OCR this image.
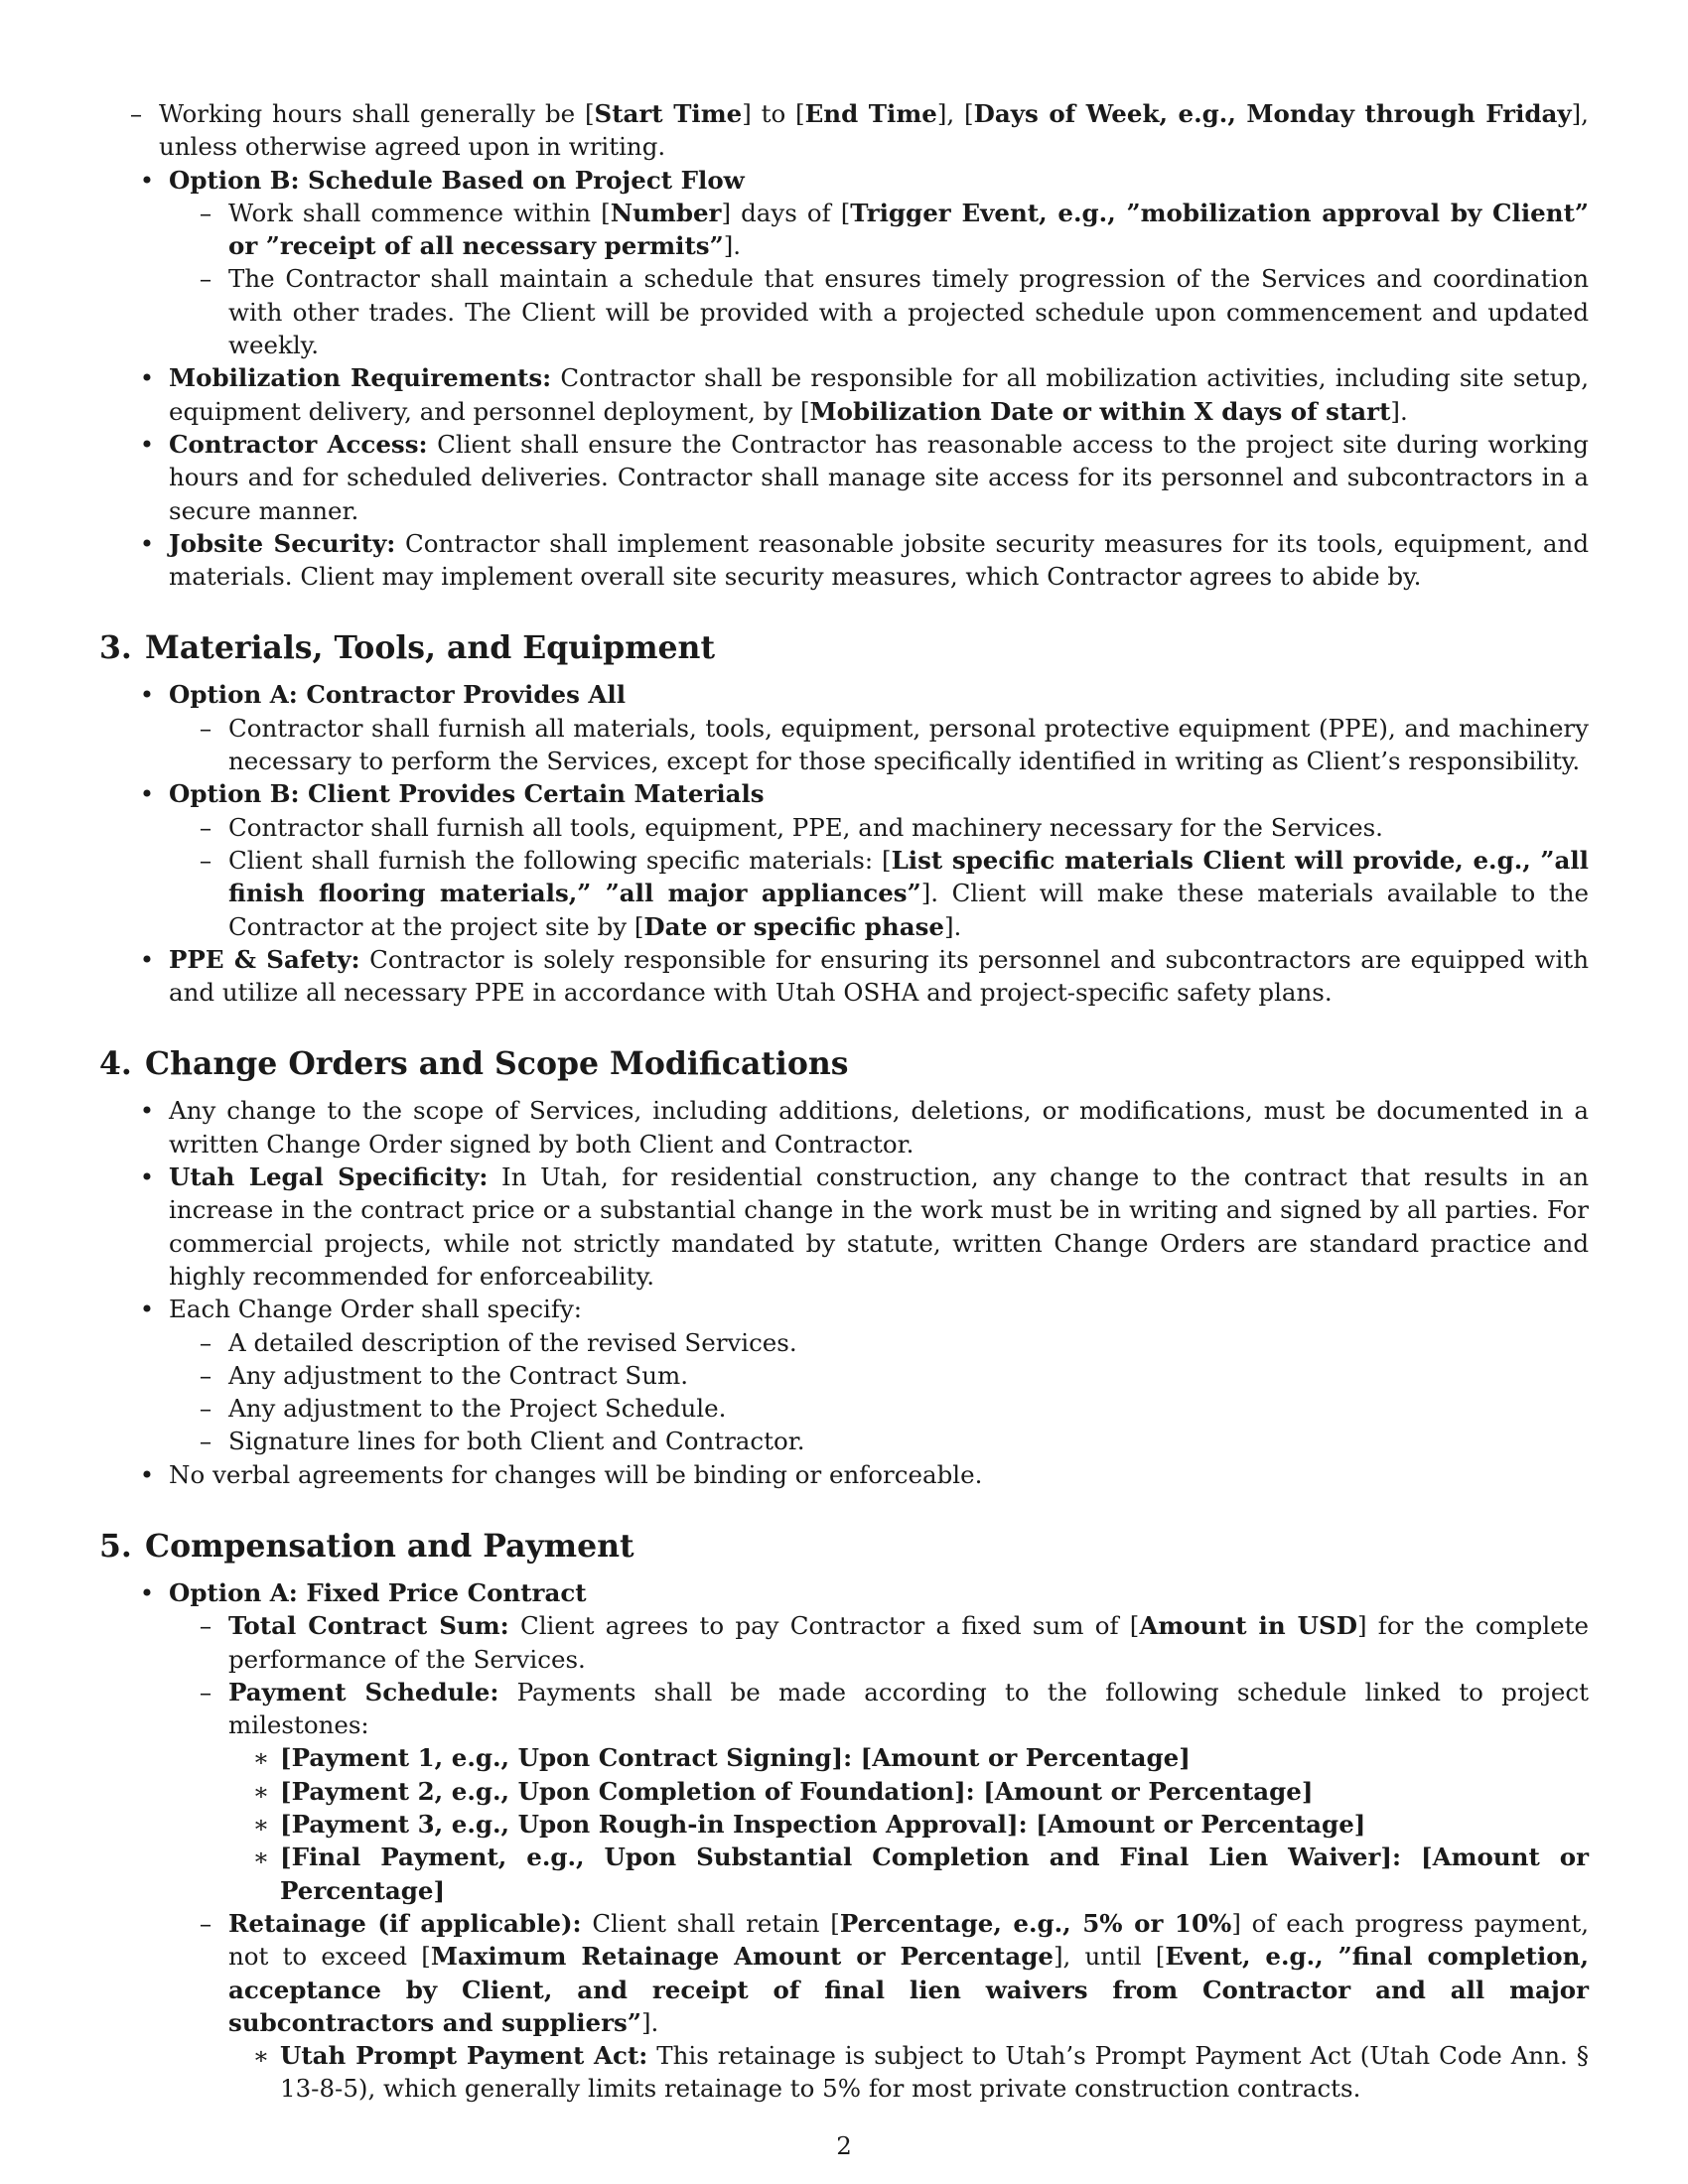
– Working hours shall generally be [Start Time] to [End Time], [Days of Week, e.g., Monday through Friday], unless otherwise agreed upon in writing.
• Option B: Schedule Based on Project Flow
– Work shall commence within [Number] days of [Trigger Event, e.g., ”mobilization approval by Client” or ”receipt of all necessary permits”].
– The Contractor shall maintain a schedule that ensures timely progression of the Services and coordination with other trades. The Client will be provided with a projected schedule upon commencement and updated weekly.
• Mobilization Requirements: Contractor shall be responsible for all mobilization activities, including site setup, equipment delivery, and personnel deployment, by [Mobilization Date or within X days of start].
• Contractor Access: Client shall ensure the Contractor has reasonable access to the project site during working hours and for scheduled deliveries. Contractor shall manage site access for its personnel and subcontractors in a secure manner.
• Jobsite Security: Contractor shall implement reasonable jobsite security measures for its tools, equipment, and materials. Client may implement overall site security measures, which Contractor agrees to abide by.
3. Materials, Tools, and Equipment
• Option A: Contractor Provides All
– Contractor shall furnish all materials, tools, equipment, personal protective equipment (PPE), and machinery necessary to perform the Services, except for those specifically identified in writing as Client’s responsibility.
• Option B: Client Provides Certain Materials
– Contractor shall furnish all tools, equipment, PPE, and machinery necessary for the Services.
– Client shall furnish the following specific materials: [List specific materials Client will provide, e.g., ”all finish flooring materials,” ”all major appliances”]. Client will make these materials available to the Contractor at the project site by [Date or specific phase].
• PPE & Safety: Contractor is solely responsible for ensuring its personnel and subcontractors are equipped with and utilize all necessary PPE in accordance with Utah OSHA and project-specific safety plans.
4. Change Orders and Scope Modifications
• Any change to the scope of Services, including additions, deletions, or modifications, must be documented in a written Change Order signed by both Client and Contractor.
• Utah Legal Specificity: In Utah, for residential construction, any change to the contract that results in an increase in the contract price or a substantial change in the work must be in writing and signed by all parties. For commercial projects, while not strictly mandated by statute, written Change Orders are standard practice and highly recommended for enforceability.
• Each Change Order shall specify:
– A detailed description of the revised Services.
– Any adjustment to the Contract Sum.
– Any adjustment to the Project Schedule.
– Signature lines for both Client and Contractor.
• No verbal agreements for changes will be binding or enforceable.
5. Compensation and Payment
• Option A: Fixed Price Contract
– Total Contract Sum: Client agrees to pay Contractor a fixed sum of [Amount in USD] for the complete performance of the Services.
– Payment Schedule: Payments shall be made according to the following schedule linked to project milestones:
∗ [Payment 1, e.g., Upon Contract Signing]: [Amount or Percentage]
∗ [Payment 2, e.g., Upon Completion of Foundation]: [Amount or Percentage]
∗ [Payment 3, e.g., Upon Rough-in Inspection Approval]: [Amount or Percentage]
∗ [Final Payment, e.g., Upon Substantial Completion and Final Lien Waiver]: [Amount or Percentage]
– Retainage (if applicable): Client shall retain [Percentage, e.g., 5% or 10%] of each progress payment, not to exceed [Maximum Retainage Amount or Percentage], until [Event, e.g., ”final completion, acceptance by Client, and receipt of final lien waivers from Contractor and all major subcontractors and suppliers”].
∗ Utah Prompt Payment Act: This retainage is subject to Utah’s Prompt Payment Act (Utah Code Ann. § 13-8-5), which generally limits retainage to 5% for most private construction contracts.
2
